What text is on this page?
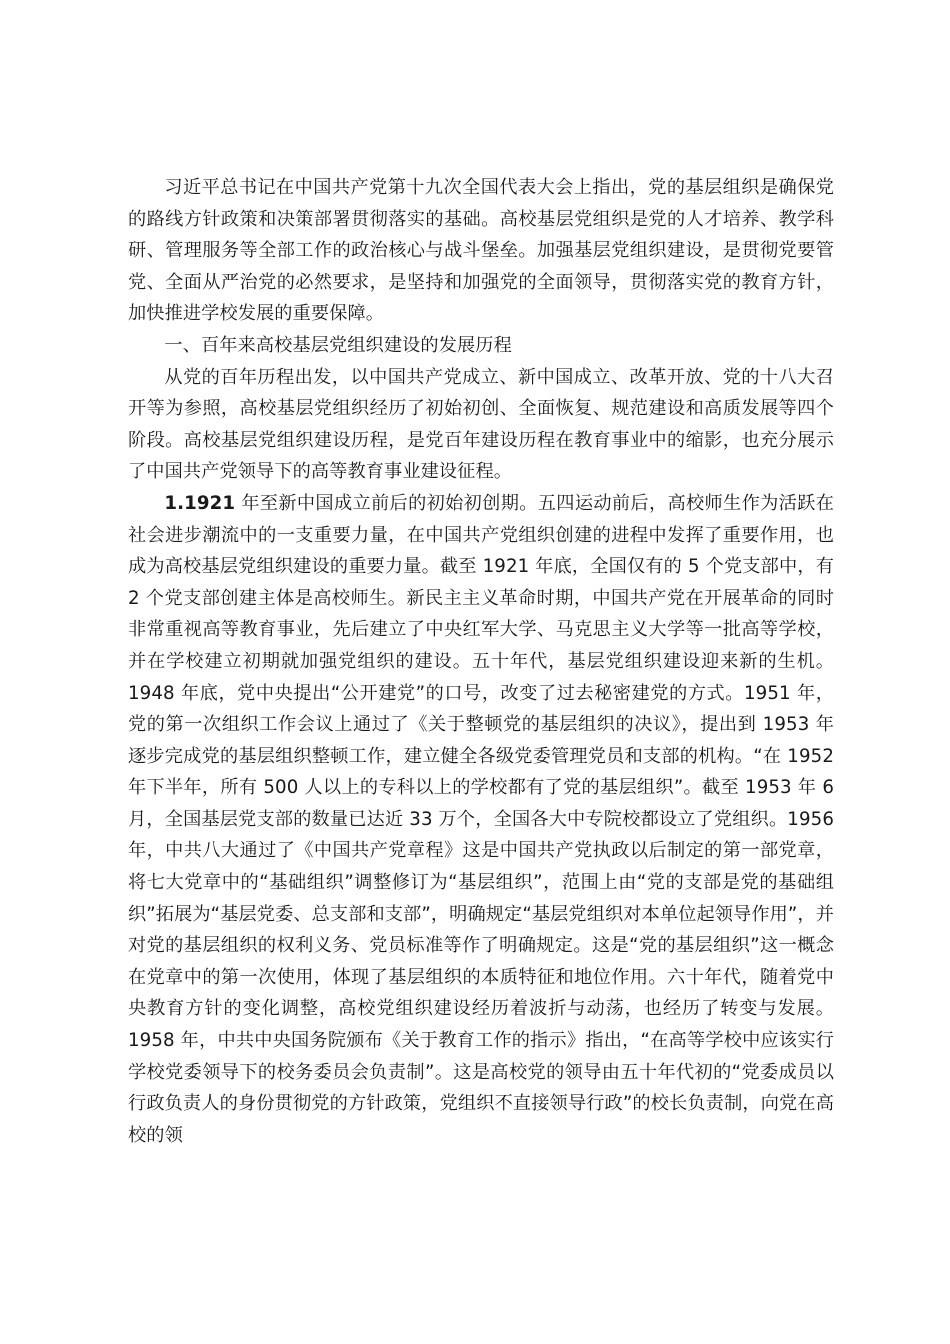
习近平总书记在中国共产党第十九次全国代表大会上指出，党的基层组织是确保党的路线方针政策和决策部署贯彻落实的基础。高校基层党组织是党的人才培养、教学科研、管理服务等全部工作的政治核心与战斗堡垒。加强基层党组织建设，是贯彻党要管党、全面从严治党的必然要求，是坚持和加强党的全面领导，贯彻落实党的教育方针，加快推进学校发展的重要保障。

一、百年来高校基层党组织建设的发展历程

从党的百年历程出发，以中国共产党成立、新中国成立、改革开放、党的十八大召开等为参照，高校基层党组织经历了初始初创、全面恢复、规范建设和高质发展等四个阶段。高校基层党组织建设历程，是党百年建设历程在教育事业中的缩影，也充分展示了中国共产党领导下的高等教育事业建设征程。

1.1921 年至新中国成立前后的初始初创期。五四运动前后，高校师生作为活跃在社会进步潮流中的一支重要力量，在中国共产党组织创建的进程中发挥了重要作用，也成为高校基层党组织建设的重要力量。截至 1921 年底，全国仅有的 5 个党支部中，有 2 个党支部创建主体是高校师生。新民主主义革命时期，中国共产党在开展革命的同时非常重视高等教育事业，先后建立了中央红军大学、马克思主义大学等一批高等学校，并在学校建立初期就加强党组织的建设。五十年代，基层党组织建设迎来新的生机。1948 年底，党中央提出“公开建党”的口号，改变了过去秘密建党的方式。1951 年，党的第一次组织工作会议上通过了《关于整顿党的基层组织的决议》，提出到 1953 年逐步完成党的基层组织整顿工作，建立健全各级党委管理党员和支部的机构。“在 1952 年下半年，所有 500 人以上的专科以上的学校都有了党的基层组织”。截至 1953 年 6 月，全国基层党支部的数量已达近 33 万个，全国各大中专院校都设立了党组织。1956 年，中共八大通过了《中国共产党章程》这是中国共产党执政以后制定的第一部党章，将七大党章中的“基础组织”调整修订为“基层组织”，范围上由“党的支部是党的基础组织”拓展为“基层党委、总支部和支部”，明确规定“基层党组织对本单位起领导作用”，并对党的基层组织的权利义务、党员标准等作了明确规定。这是“党的基层组织”这一概念在党章中的第一次使用，体现了基层组织的本质特征和地位作用。六十年代，随着党中央教育方针的变化调整，高校党组织建设经历着波折与动荡，也经历了转变与发展。1958 年，中共中央国务院颁布《关于教育工作的指示》指出，“在高等学校中应该实行学校党委领导下的校务委员会负责制”。这是高校党的领导由五十年代初的“党委成员以行政负责人的身份贯彻党的方针政策，党组织不直接领导行政”的校长负责制，向党在高校的领
